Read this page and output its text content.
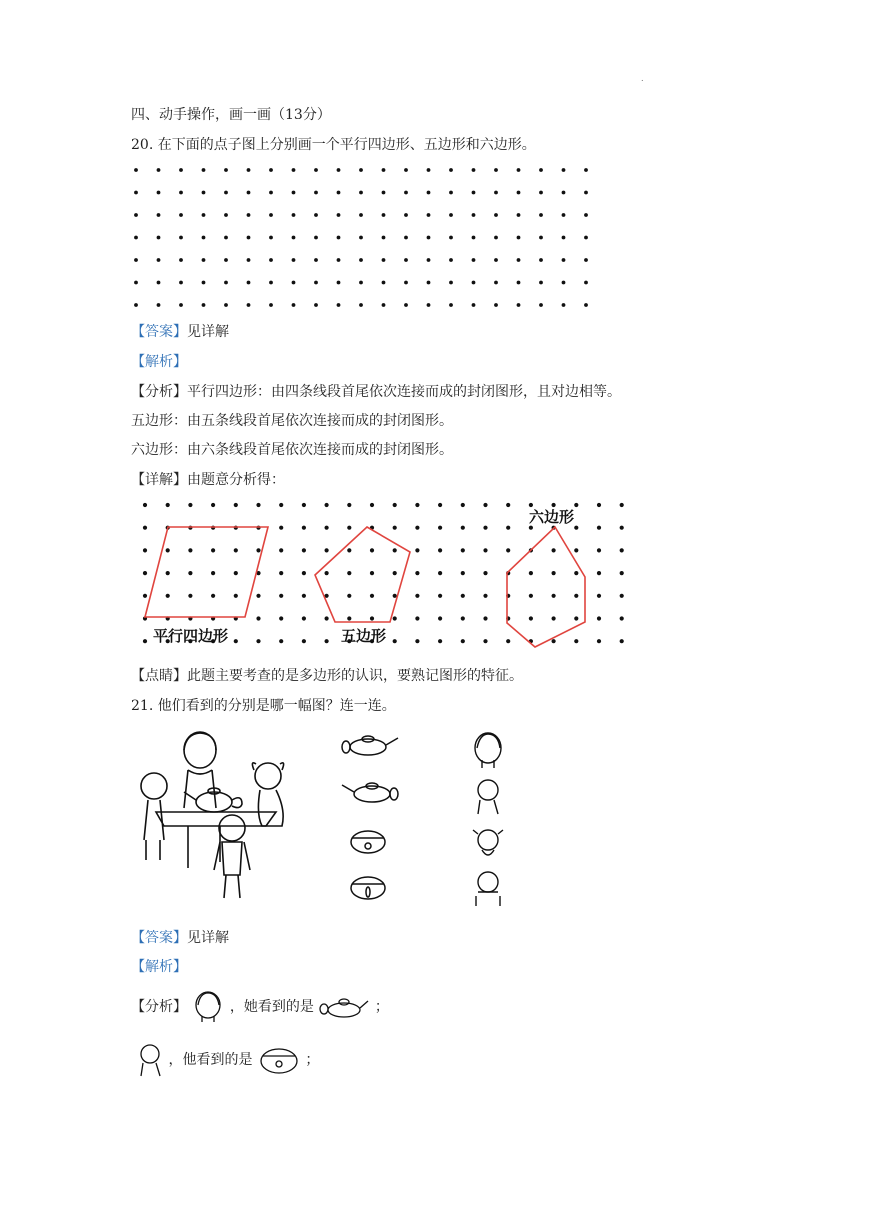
.
四、动手操作，画一画（13分）
20. 在下面的点子图上分别画一个平行四边形、五边形和六边形。
【答案】见详解
【解析】
【分析】平行四边形：由四条线段首尾依次连接而成的封闭图形，且对边相等。
五边形：由五条线段首尾依次连接而成的封闭图形。
六边形：由六条线段首尾依次连接而成的封闭图形。
【详解】由题意分析得：
平行四边形	五边形
六边形
【点睛】此题主要考查的是多边形的认识，要熟记图形的特征。
21. 他们看到的分别是哪一幅图？连一连。
【答案】见详解
【解析】
【分析】	，她看到的是	；
，他看到的是	；
